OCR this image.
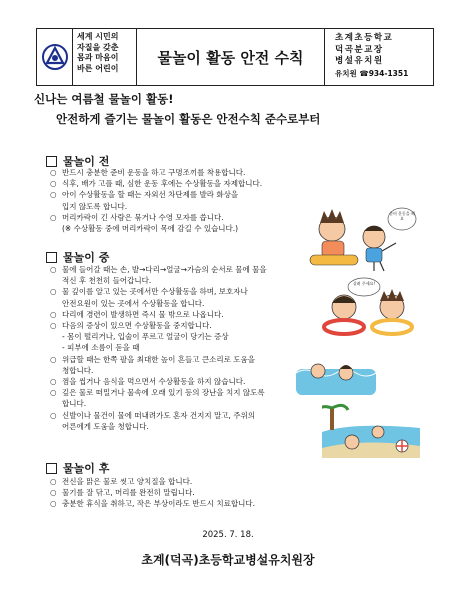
세계 시민의
자질을 갖춘
몸과 마음이
바른 어린이
물놀이 활동 안전 수칙
초계초등학교
덕곡분교장
병설유치원
유치원 ☎934-1351
신나는 여름철 물놀이 활동!
안전하게 즐기는 물놀이 활동은 안전수칙 준수로부터
물놀이 전
○ 반드시 충분한 준비 운동을 하고 구명조끼를 착용합니다.
○ 식후, 배가 고플 때, 심한 운동 후에는 수상활동을 자제합니다.
○ 아이 수상활동을 할 때는 자외선 차단제를 발라 화상을
입지 않도록 합니다.
○ 머리카락이 긴 사람은 묶거나 수영 모자를 씁니다.
(※ 수상활동 중에 머리카락이 목에 감길 수 있습니다.)
물놀이 중
○ 물에 들어갈 때는 손, 발→다리→얼굴→가슴의 순서로 물에 물을
적신 후 천천히 들어갑니다.
○ 물 깊이를 알고 있는 곳에서만 수상활동을 하며, 보호자나
안전요원이 있는 곳에서 수상활동을 합니다.
○ 다리에 경련이 발생하면 즉시 물 밖으로 나옵니다.
○ 다음의 증상이 있으면 수상활동을 중지합니다.
- 몸이 떨리거나, 입술이 푸르고 얼굴이 당기는 증상
- 피부에 소름이 돋을 때
○ 위급할 때는 한쪽 팔을 최대한 높이 흔들고 큰소리로 도움을
청합니다.
○ 껌을 씹거나 음식을 먹으면서 수상활동을 하지 않습니다.
○ 깊은 물로 떠밀거나 물속에 오래 있기 등의 장난을 치지 않도록
합니다.
○ 신발이나 물건이 물에 떠내려가도 혼자 건지지 말고, 주위의
어른에게 도움을 청합니다.
물놀이 후
○ 전신을 맑은 물로 씻고 양치질을 합니다.
○ 물기를 잘 닦고, 머리를 완전히 말립니다.
○ 충분한 휴식을 취하고, 작은 부상이라도 반드시 치료합니다.
준비 운동을 해요
살려 주세요!
2025. 7. 18.
초계(덕곡)초등학교병설유치원장
